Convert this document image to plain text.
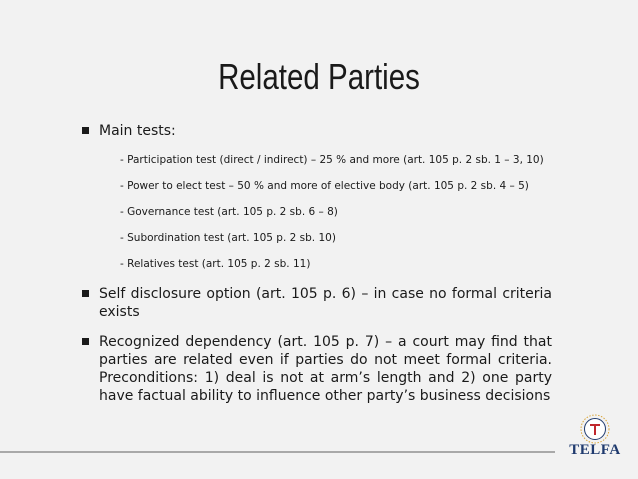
Related Parties
Main tests:
- Participation test (direct / indirect) – 25 % and more (art. 105 p. 2 sb. 1 – 3, 10)
- Power to elect test – 50 % and more of elective body (art. 105 p. 2 sb. 4 – 5)
- Governance test (art. 105 p. 2 sb. 6 – 8)
- Subordination test (art. 105 p. 2 sb. 10)
- Relatives test (art. 105 p. 2 sb. 11)
Self disclosure option (art. 105 p. 6) – in case no formal criteria exists
Recognized dependency (art. 105 p. 7) – a court may find that parties are related even if parties do not meet formal criteria. Preconditions: 1) deal is not at arm’s length and 2) one party have factual ability to influence other party’s business decisions
TELFA
